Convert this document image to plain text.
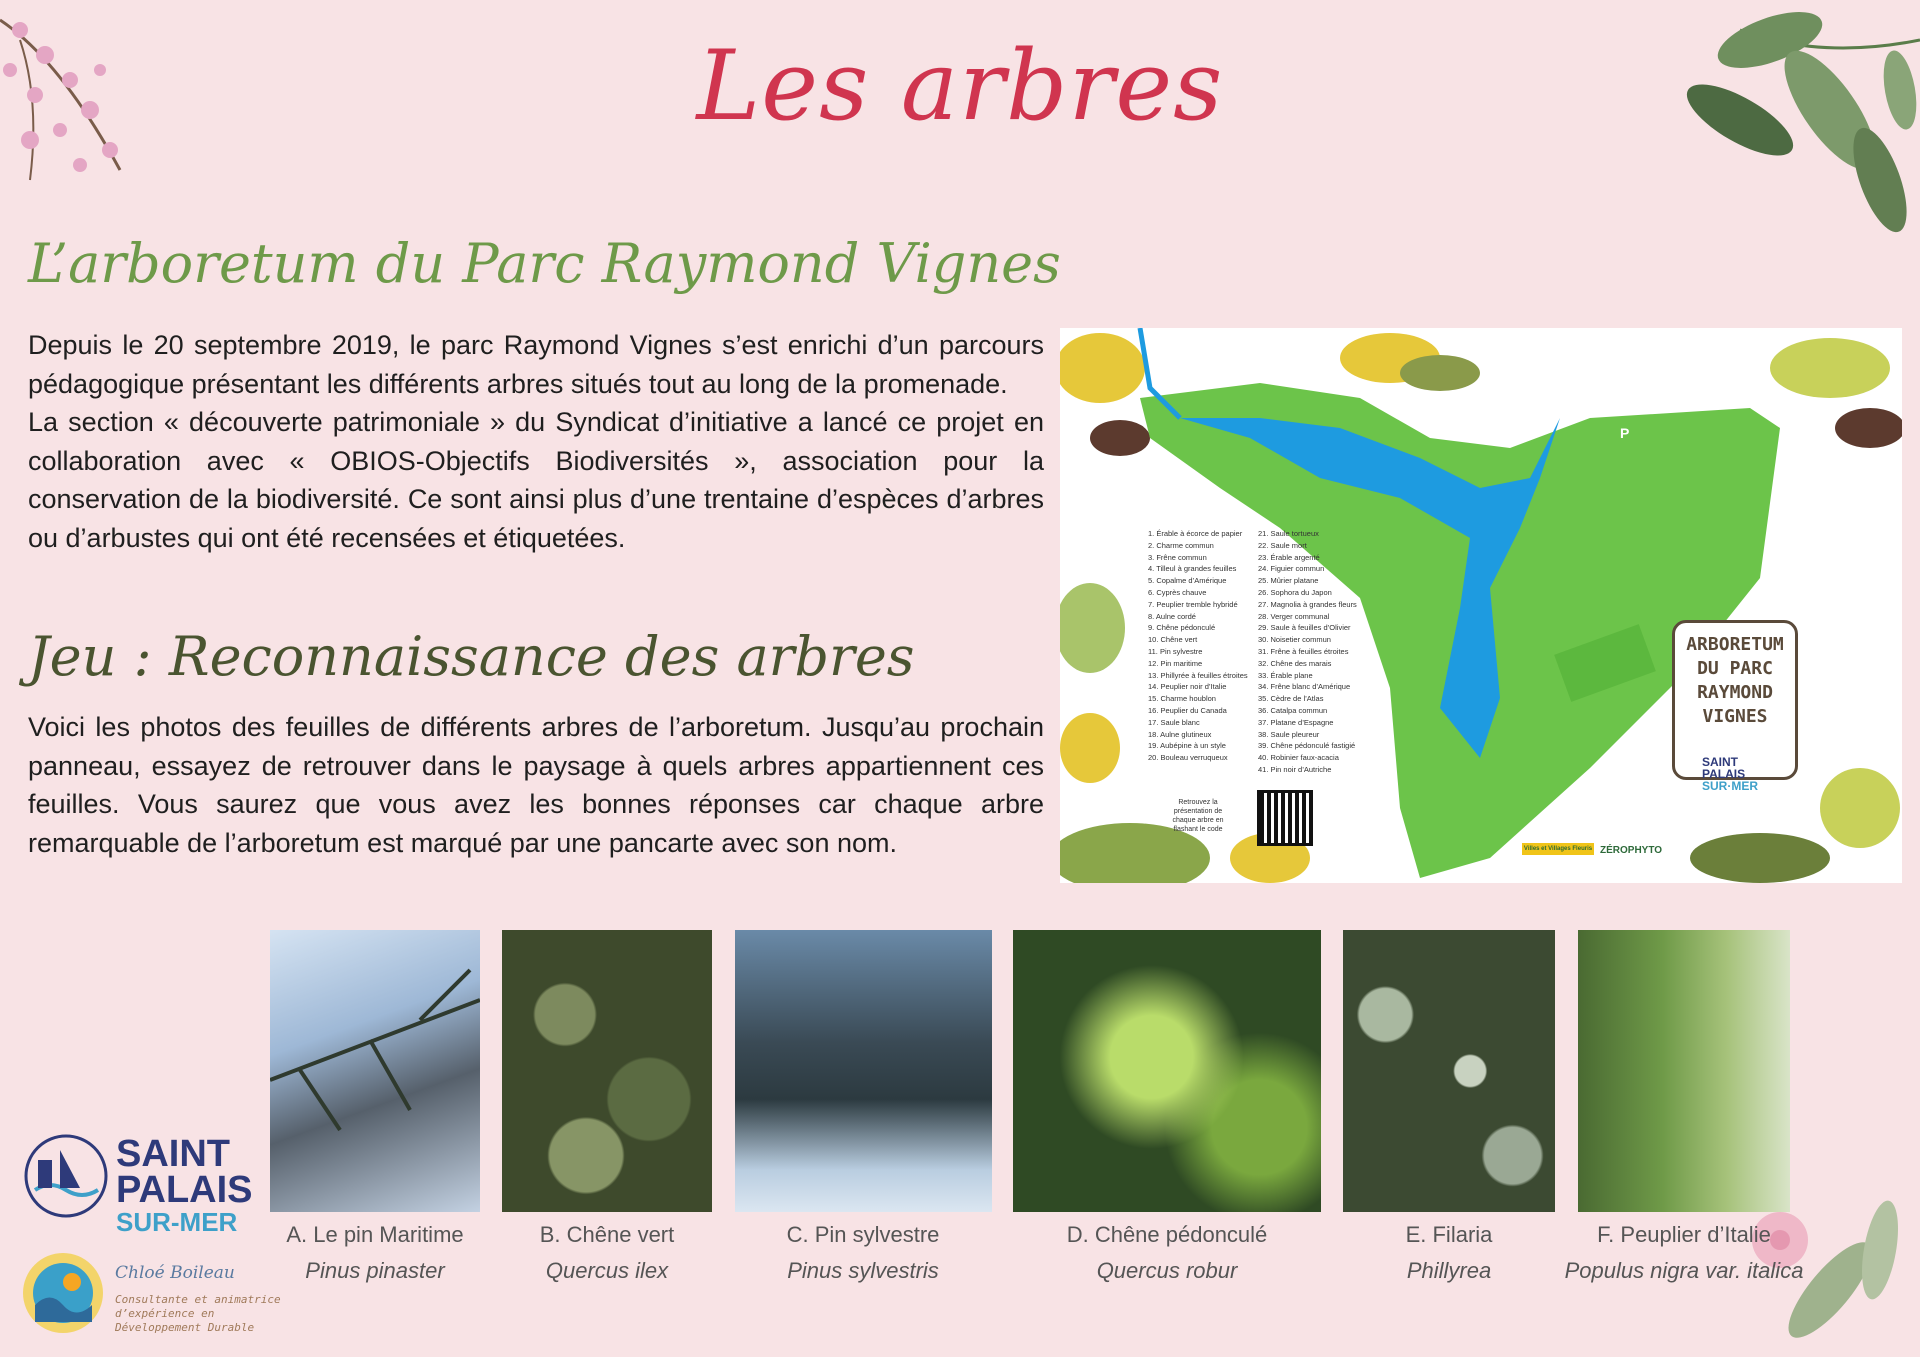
Les arbres
L’arboretum du Parc Raymond Vignes

Depuis le 20 septembre 2019, le parc Raymond Vignes s’est enrichi d’un parcours pédagogique présentant les différents arbres situés tout au long de la promenade.

La section « découverte patrimoniale » du Syndicat d’initiative a lancé ce projet en collaboration avec « OBIOS-Objectifs Biodiversités », association pour la conservation de la biodiversité. Ce sont ainsi plus d’une trentaine d’espèces d’arbres ou d’arbustes qui ont été recensées et étiquetées.

Jeu : Reconnaissance des arbres
Voici les photos des feuilles de différents arbres de l’arboretum. Jusqu’au prochain panneau, essayez de retrouver dans le paysage à quels arbres appartiennent ces feuilles. Vous saurez que vous avez les bonnes réponses car chaque arbre remarquable de l’arboretum est marqué par une pancarte avec son nom.
P
1. Érable à écorce de papier
2. Charme commun
3. Frêne commun
4. Tilleul à grandes feuilles
5. Copalme d’Amérique
6. Cyprès chauve
7. Peuplier tremble hybridé
8. Aulne cordé
9. Chêne pédonculé
10. Chêne vert
11. Pin sylvestre
12. Pin maritime
13. Phillyrée à feuilles étroites
14. Peuplier noir d’Italie
15. Charme houblon
16. Peuplier du Canada
17. Saule blanc
18. Aulne glutineux
19. Aubépine à un style
20. Bouleau verruqueux
21. Saule tortueux
22. Saule mort
23. Érable argenté
24. Figuier commun
25. Mûrier platane
26. Sophora du Japon
27. Magnolia à grandes fleurs
28. Verger communal
29. Saule à feuilles d’Olivier
30. Noisetier commun
31. Frêne à feuilles étroites
32. Chêne des marais
33. Érable plane
34. Frêne blanc d’Amérique
35. Cèdre de l’Atlas
36. Catalpa commun
37. Platane d’Espagne
38. Saule pleureur
39. Chêne pédonculé fastigié
40. Robinier faux-acacia
41. Pin noir d’Autriche
ARBORETUM
DU PARC
RAYMOND
VIGNES
SAINT
PALAIS
SUR·MER
Retrouvez la présentation de chaque arbre en flashant le code
Villes et Villages Fleuris ZÉROPHYTO
A. Le pin Maritime
Pinus pinaster
B. Chêne vert
Quercus ilex
C. Pin sylvestre
Pinus sylvestris
D. Chêne pédonculé
Quercus robur
E. Filaria
Phillyrea
F. Peuplier d’Italie
Populus nigra var. italica
SAINT
PALAIS
SUR-MER
Chloé Boileau
Consultante et animatrice
d’expérience en
Développement Durable
